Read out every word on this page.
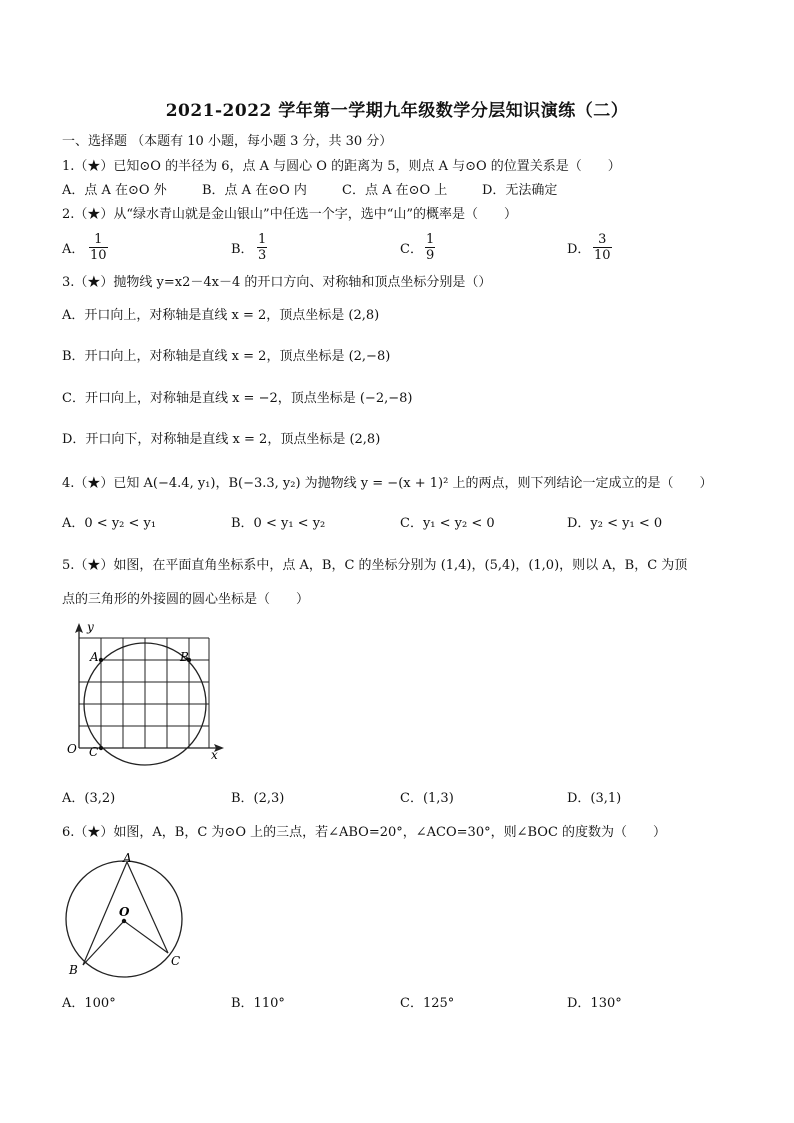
2021-2022 学年第一学期九年级数学分层知识演练（二）
一、选择题 （本题有 10 小题，每小题 3 分，共 30 分）
1.（★）已知⊙O 的半径为 6，点 A 与圆心 O 的距离为 5，则点 A 与⊙O 的位置关系是（　　）
A．点 A 在⊙O 外	B．点 A 在⊙O 内	C．点 A 在⊙O 上	D．无法确定
2.（★）从“绿水青山就是金山银山”中任选一个字，选中“山”的概率是（　　）
A． $\frac{1}{10}$	B． $\frac{1}{3}$	C． $\frac{1}{9}$	D． $\frac{3}{10}$
3.（★）抛物线 y=x2－4x－4 的开口方向、对称轴和顶点坐标分别是（）
A．开口向上，对称轴是直线 x = 2，顶点坐标是 (2,8)
B．开口向上，对称轴是直线 x = 2，顶点坐标是 (2,−8)
C．开口向上，对称轴是直线 x = −2，顶点坐标是 (−2,−8)
D．开口向下，对称轴是直线 x = 2，顶点坐标是 (2,8)
4.（★）已知 A(−4.4, y₁)，B(−3.3, y₂) 为抛物线 y = −(x + 1)² 上的两点，则下列结论一定成立的是（　　）
A．0 < y₂ < y₁	B．0 < y₁ < y₂	C．y₁ < y₂ < 0	D．y₂ < y₁ < 0
5.（★）如图，在平面直角坐标系中，点 A，B，C 的坐标分别为 (1,4)，(5,4)，(1,0)，则以 A，B，C 为顶
点的三角形的外接圆的圆心坐标是（　　）
y
x
O
A	B
C
A．(3,2)	B．(2,3)	C．(1,3)	D．(3,1)
6.（★）如图，A，B，C 为⊙O 上的三点，若∠ABO=20°，∠ACO=30°，则∠BOC 的度数为（　　）
A
O
B
C
A．100°	B．110°	C．125°	D．130°
